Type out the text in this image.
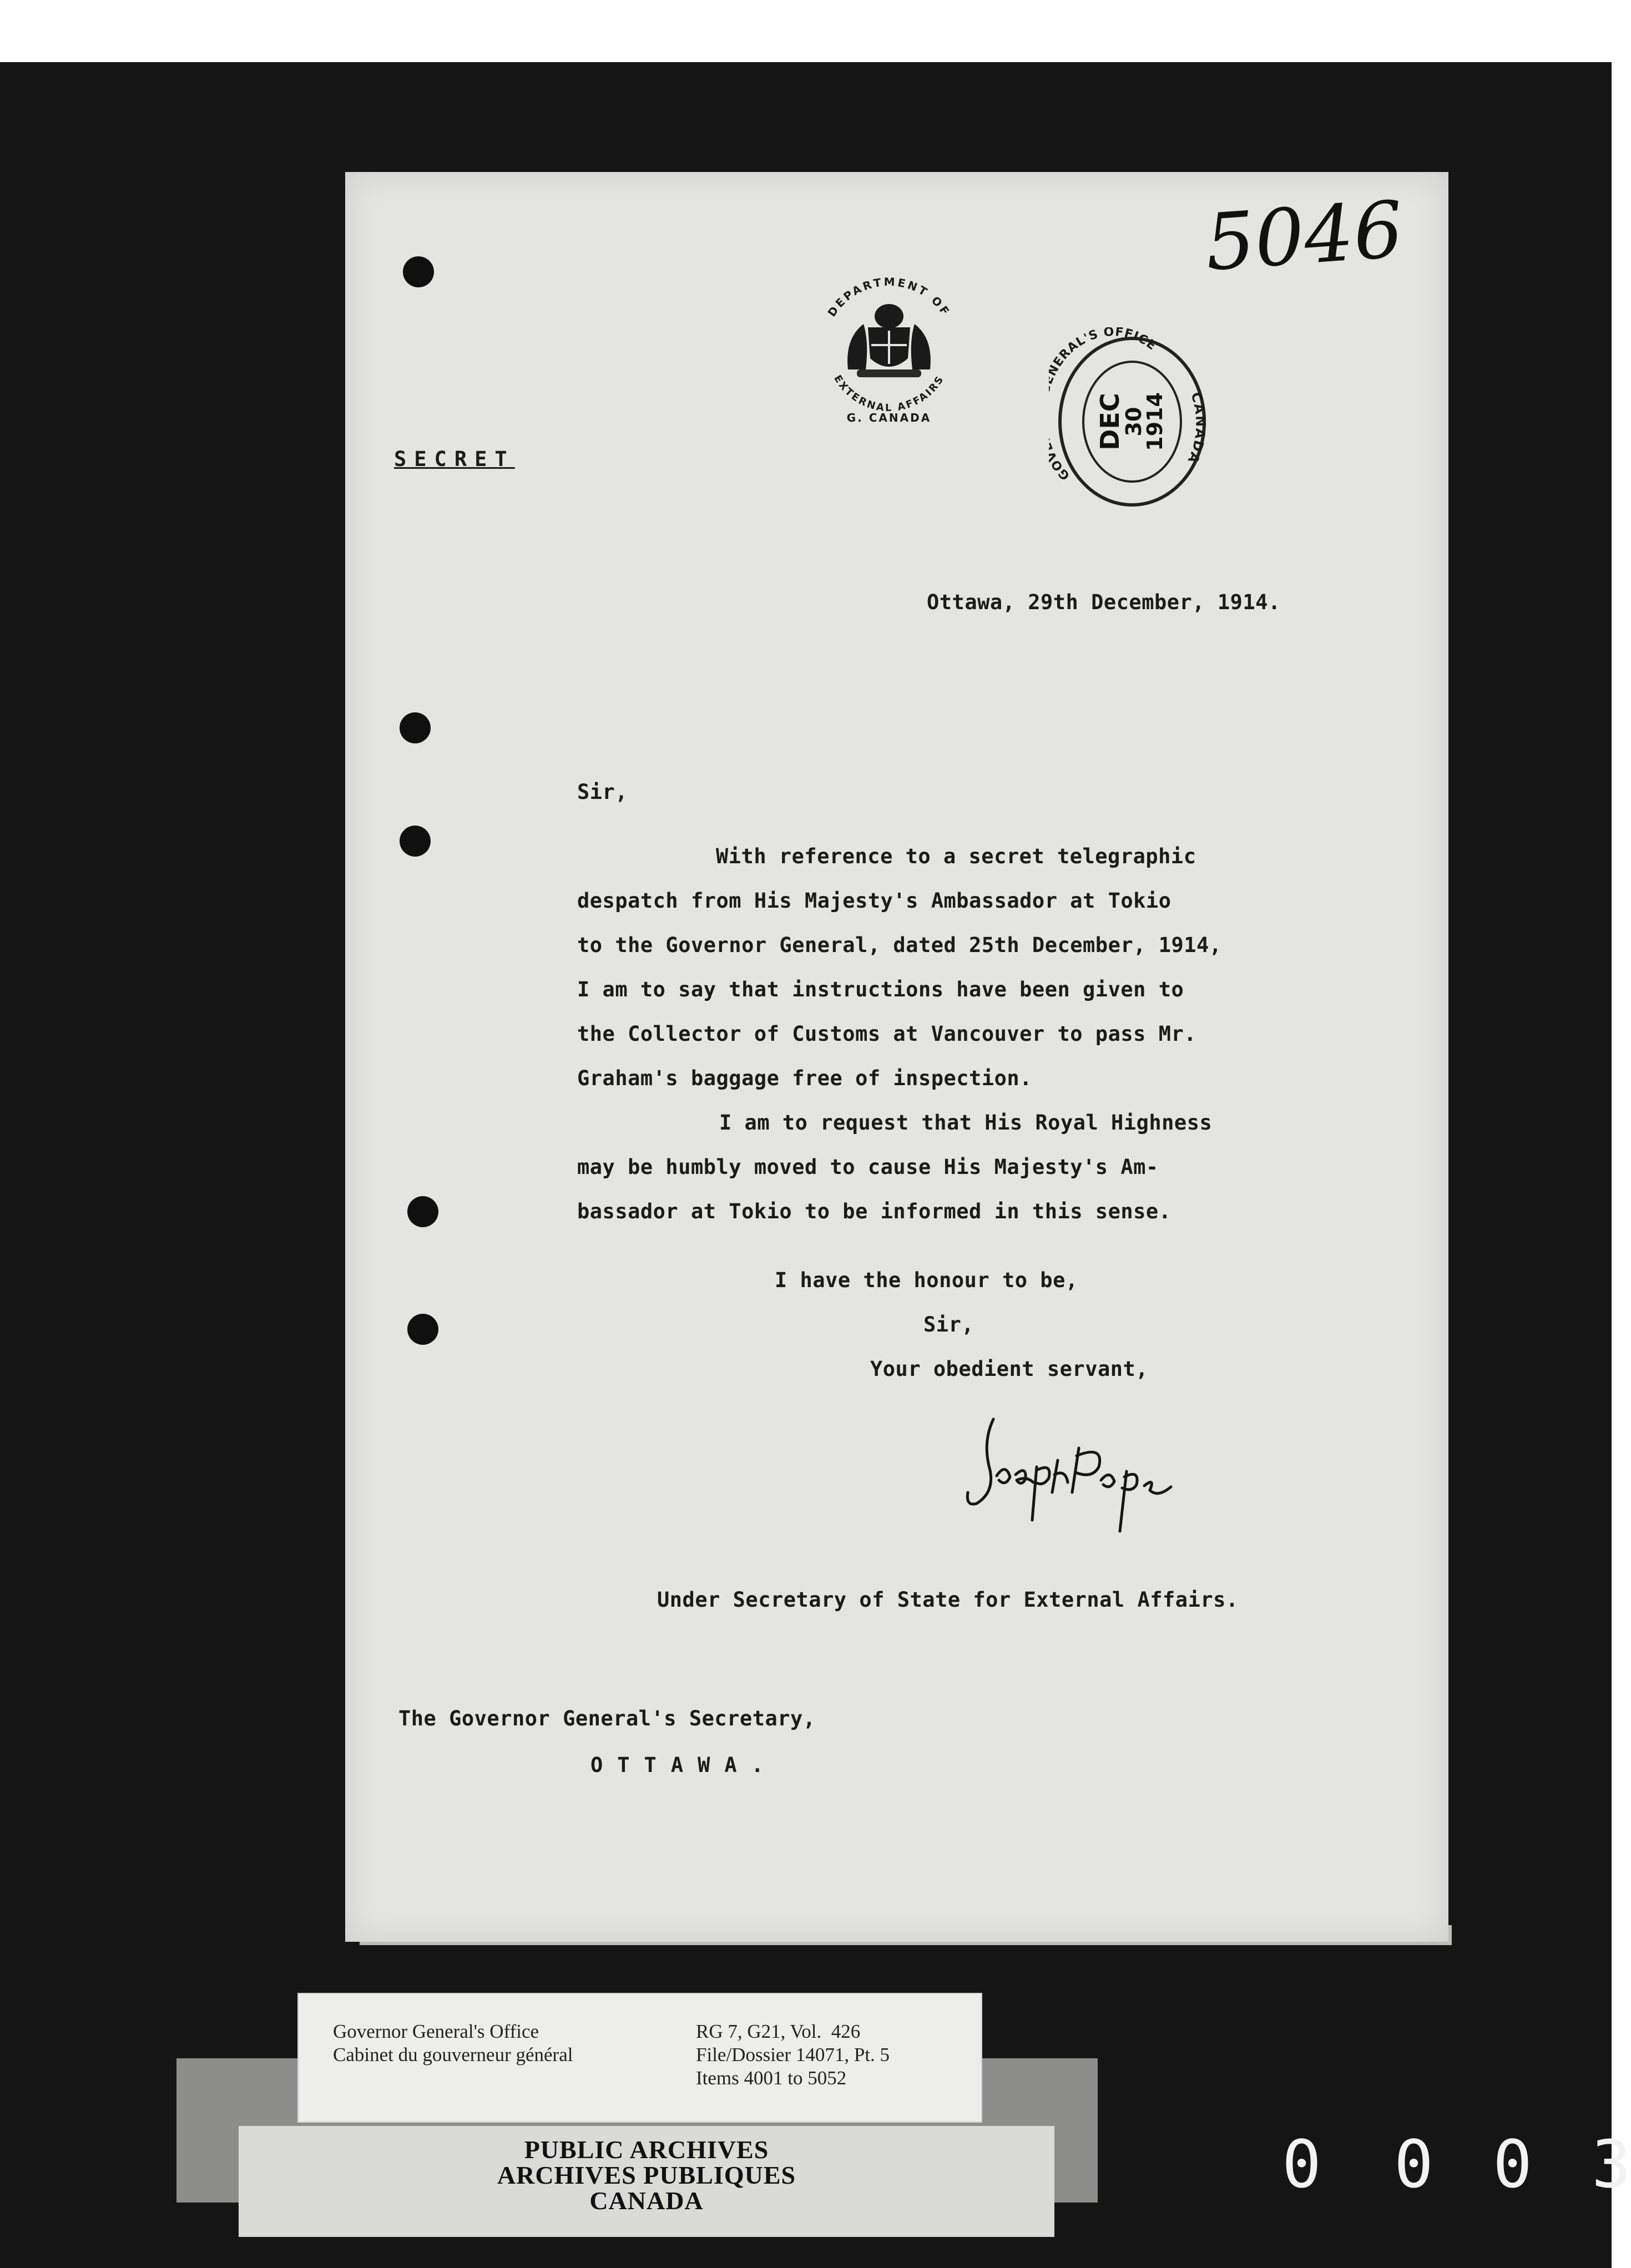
5046
DEPARTMENT OF
EXTERNAL AFFAIRS
G. CANADA
GO ERAL'S OFFICE
CANADA
DEC
30
1914

SECRET

Ottawa, 29th December, 1914.

Sir,

With reference to a secret telegraphic

despatch from His Majesty's Ambassador at Tokio

to the Governor General, dated 25th December, 1914,

I am to say that instructions have been given to

the Collector of Customs at Vancouver to pass Mr.

Graham's baggage free of inspection.

I am to request that His Royal Highness

may be humbly moved to cause His Majesty's Am-

bassador at Tokio to be informed in this sense.

I have the honour to be,

Sir,

Your obedient servant,

Under Secretary of State for External Affairs.

The Governor General's Secretary,

OTTAWA.

Governor General's Office

Cabinet du gouverneur général

RG 7, G21, Vol.  426

File/Dossier 14071, Pt. 5

Items 4001 to 5052

PUBLIC ARCHIVES

ARCHIVES PUBLIQUES

CANADA	0 0 0 3
